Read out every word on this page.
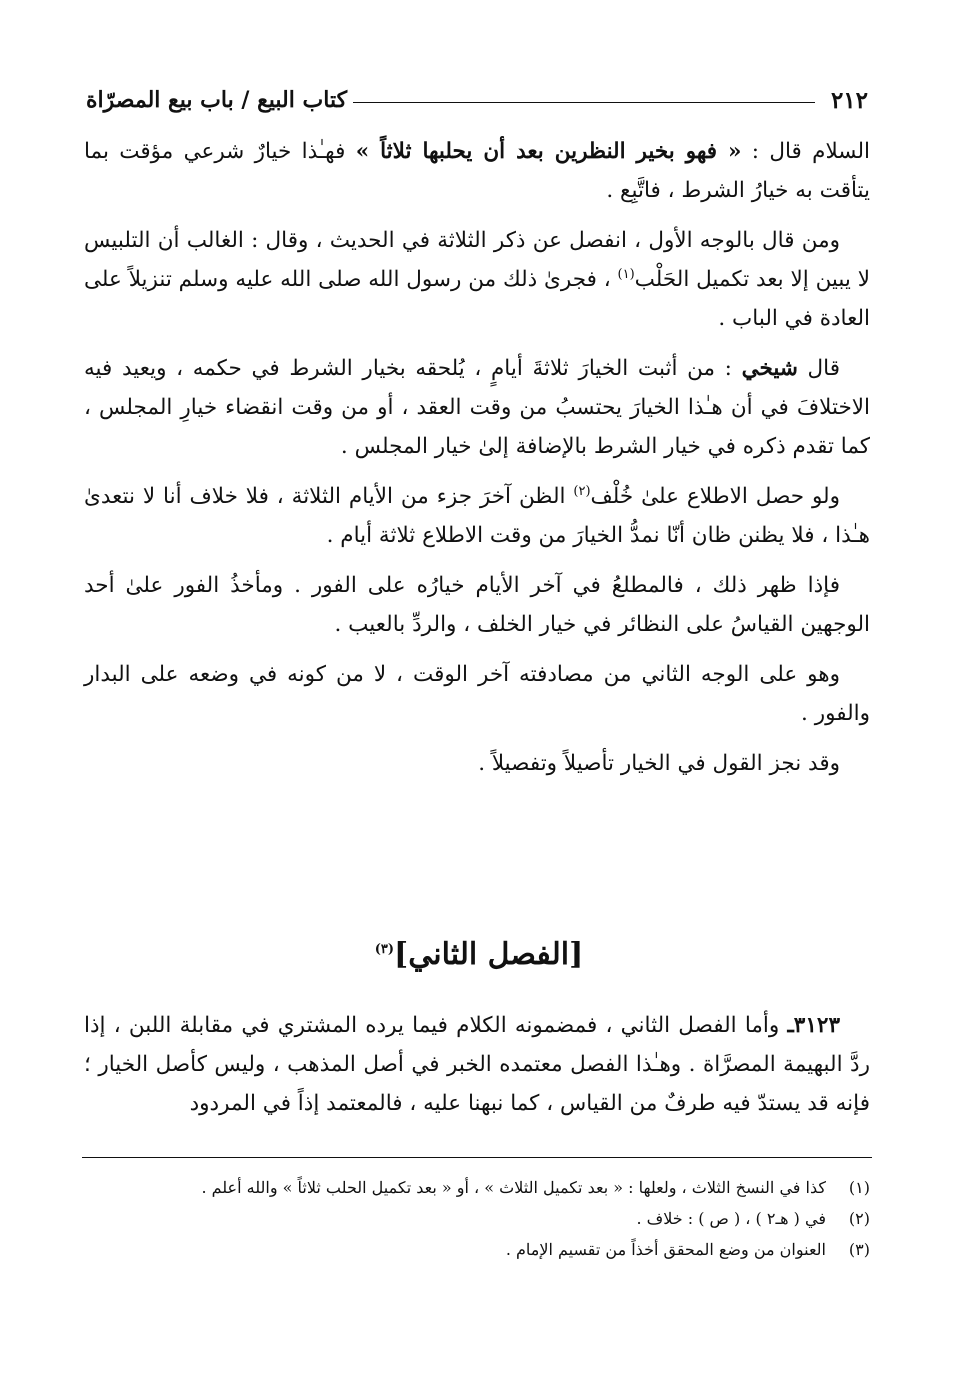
٢١٢
كتاب البيع / باب بيع المصرّاة

السلام قال : « فهو بخير النظرين بعد أن يحلبها ثلاثاً » فهـٰذا خيارٌ شرعي مؤقت بما يتأقت به خيارُ الشرط ، فاتَّبِع .

ومن قال بالوجه الأول ، انفصل عن ذكر الثلاثة في الحديث ، وقال : الغالب أن التلبيس لا يبين إلا بعد تكميل الحَلْب$^{(١)}$ ، فجرىٰ ذلك من رسول الله صلى الله عليه وسلم تنزيلاً على العادة في الباب .

قال شيخي : من أثبت الخيارَ ثلاثةَ أيامٍ ، يُلحقه بخيار الشرط في حكمه ، ويعيد فيه الاختلافَ في أن هـٰذا الخيارَ يحتسبُ من وقت العقد ، أو من وقت انقضاء خيارِ المجلس ، كما تقدم ذكره في خيار الشرط بالإضافة إلىٰ خيار المجلس .

ولو حصل الاطلاع علىٰ خُلْف$^{(٢)}$ الظن آخرَ جزء من الأيام الثلاثة ، فلا خلاف أنا لا نتعدىٰ هـٰذا ، فلا يظنن ظان أنّا نمدُّ الخيارَ من وقت الاطلاع ثلاثة أيام .

فإذا ظهر ذلك ، فالمطلعُ في آخر الأيام خيارُه على الفور . ومأخذُ الفور علىٰ أحد الوجهين القياسُ على النظائر في خيار الخلف ، والردِّ بالعيب .

وهو على الوجه الثاني من مصادفته آخر الوقت ، لا من كونه في وضعه على البدار والفور .

وقد نجز القول في الخيار تأصيلاً وتفصيلاً .

[الفصل الثاني]$^{(٣)}$

٣١٢٣ـ وأما الفصل الثاني ، فمضمونه الكلام فيما يرده المشتري في مقابلة اللبن ، إذا ردَّ البهيمة المصرَّاة . وهـٰذا الفصل معتمده الخبر في أصل المذهب ، وليس كأصل الخيار ؛ فإنه قد يستدّ فيه طرفٌ من القياس ، كما نبهنا عليه ، فالمعتمد إذاً في المردود

(١)
كذا في النسخ الثلاث ، ولعلها : « بعد تكميل الثلاث » ، أو « بعد تكميل الحلب ثلاثاً » والله أعلم .
(٢)
في ( هـ٢ ) ، ( ص ) : خلاف .
(٣)
العنوان من وضع المحقق أخذاً من تقسيم الإمام .
